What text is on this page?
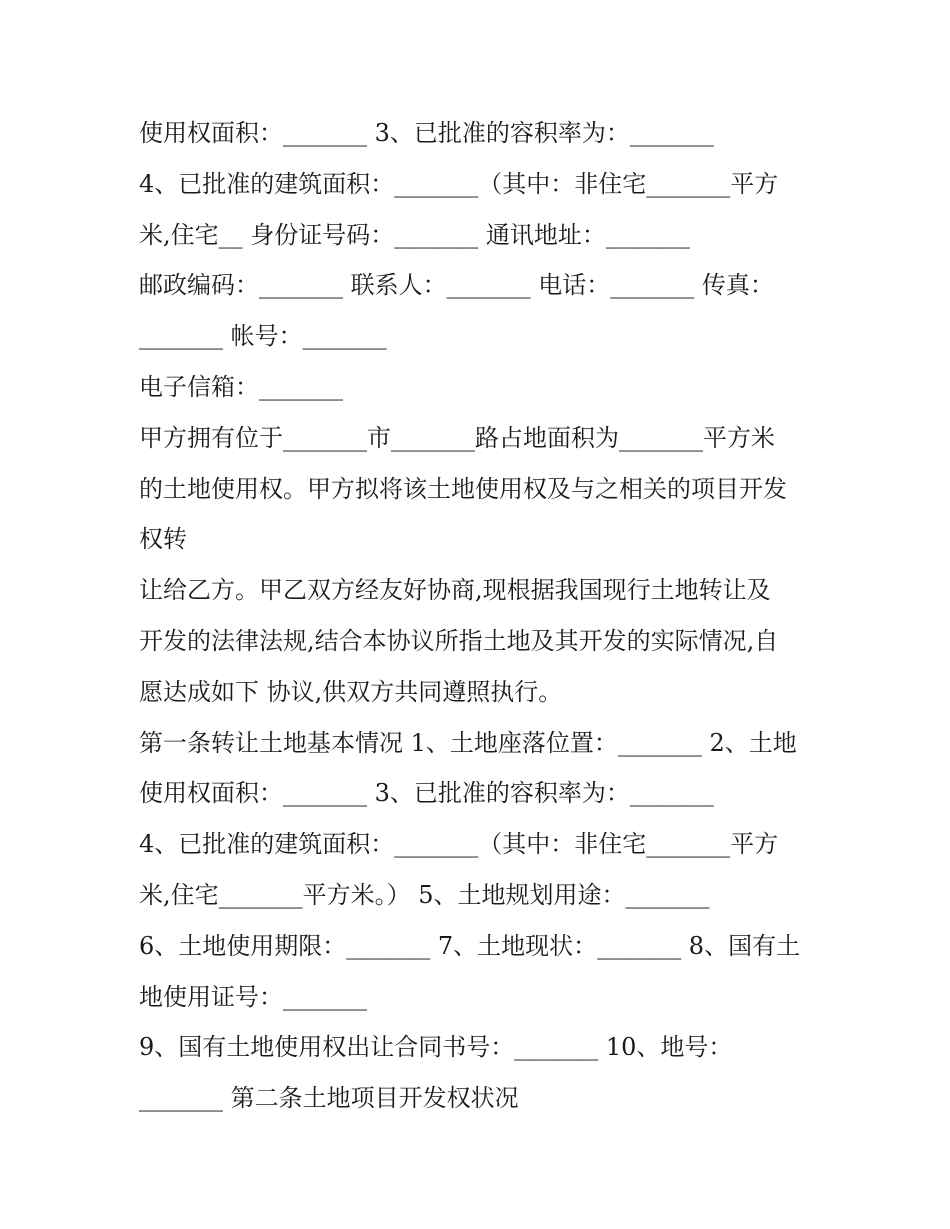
使用权面积：_______ 3、已批准的容积率为：_______
4、已批准的建筑面积：_______（其中：非住宅_______平方
米,住宅__ 身份证号码：_______ 通讯地址：_______
邮政编码：_______ 联系人：_______ 电话：_______ 传真：
_______ 帐号：_______
电子信箱：_______
甲方拥有位于_______市_______路占地面积为_______平方米
的土地使用权。甲方拟将该土地使用权及与之相关的项目开发
权转
让给乙方。甲乙双方经友好协商,现根据我国现行土地转让及
开发的法律法规,结合本协议所指土地及其开发的实际情况,自
愿达成如下 协议,供双方共同遵照执行。
第一条转让土地基本情况 1、土地座落位置：_______ 2、土地
使用权面积：_______ 3、已批准的容积率为：_______
4、已批准的建筑面积：_______（其中：非住宅_______平方
米,住宅_______平方米。） 5、土地规划用途：_______
6、土地使用期限：_______ 7、土地现状：_______ 8、国有土
地使用证号：_______
9、国有土地使用权出让合同书号：_______ 10、地号：
_______ 第二条土地项目开发权状况
